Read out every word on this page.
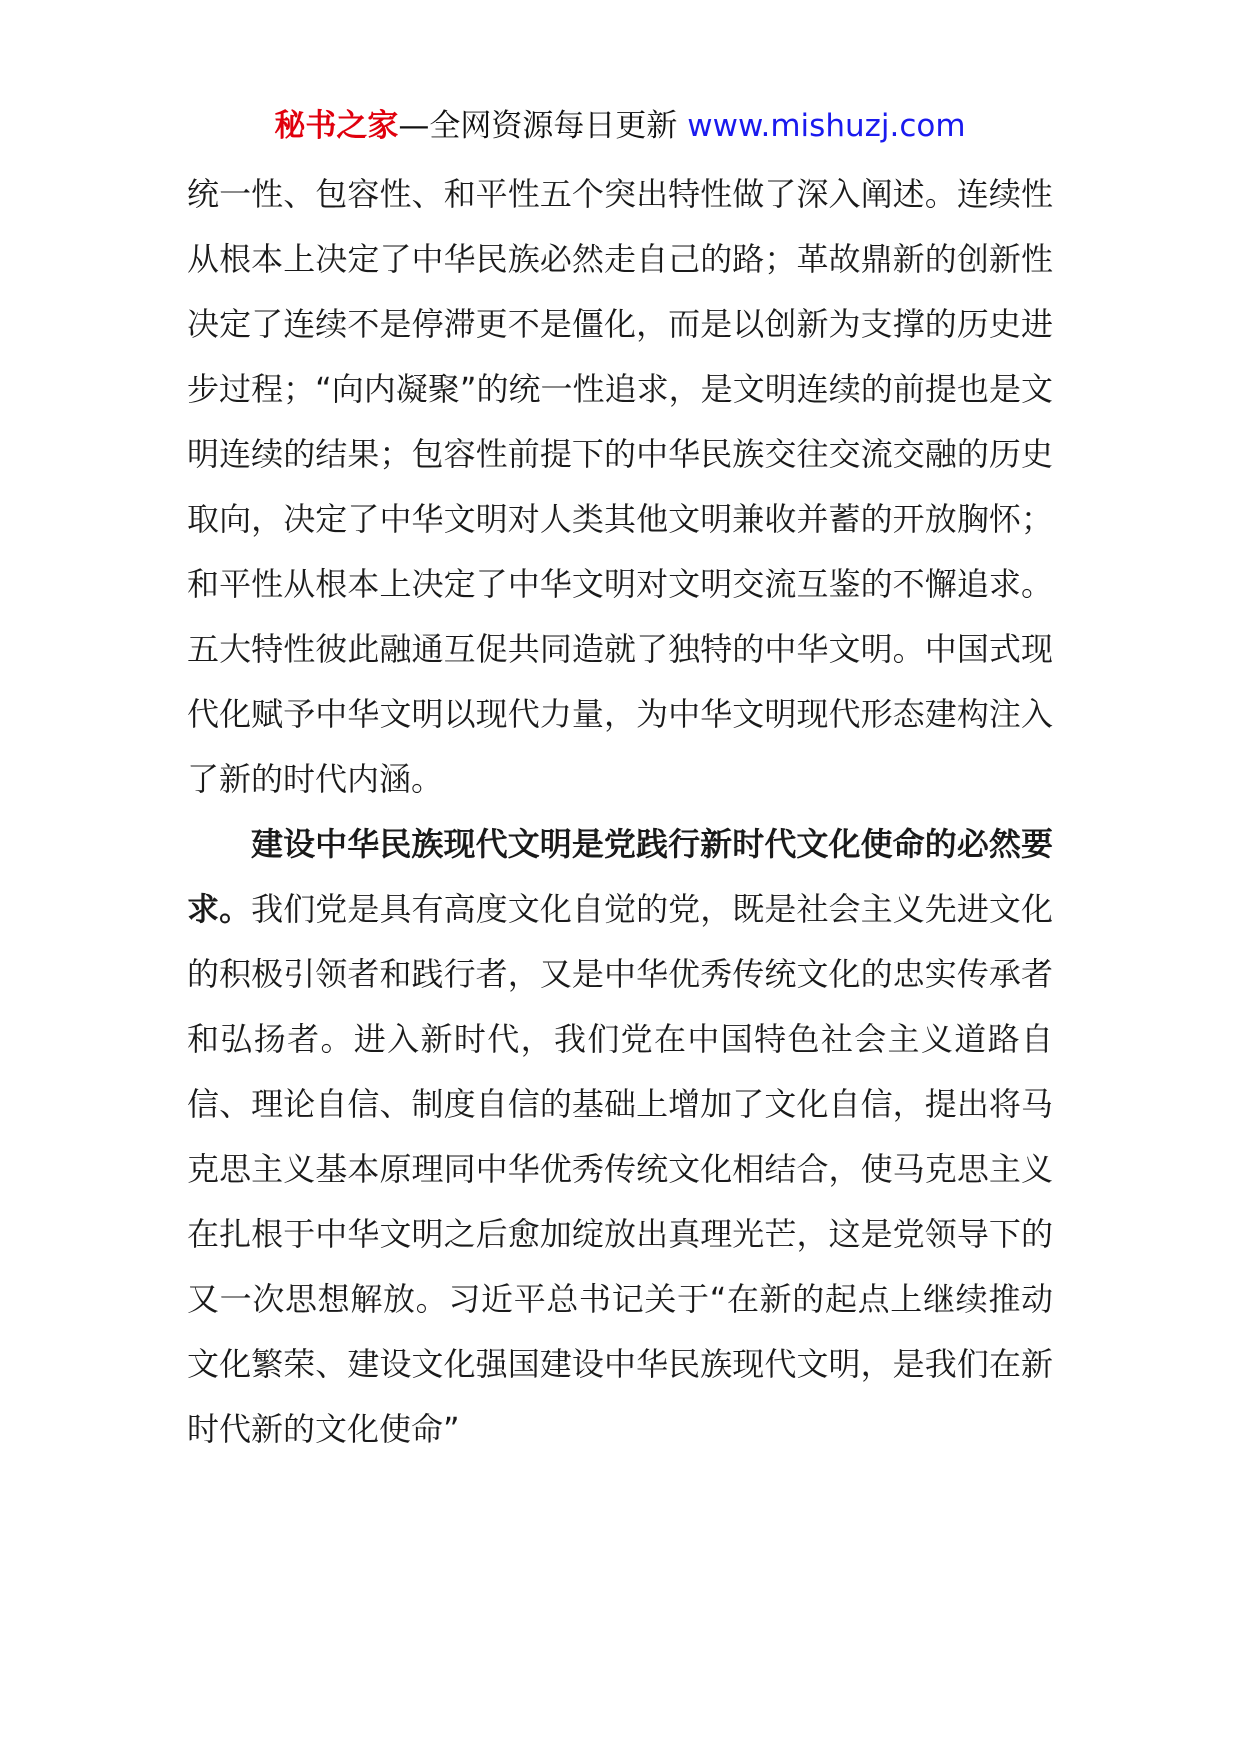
秘书之家—全网资源每日更新 www.mishuzj.com

统一性、包容性、和平性五个突出特性做了深入阐述。连续性从根本上决定了中华民族必然走自己的路；革故鼎新的创新性决定了连续不是停滞更不是僵化，而是以创新为支撑的历史进步过程；“向内凝聚”的统一性追求，是文明连续的前提也是文明连续的结果；包容性前提下的中华民族交往交流交融的历史取向，决定了中华文明对人类其他文明兼收并蓄的开放胸怀；和平性从根本上决定了中华文明对文明交流互鉴的不懈追求。五大特性彼此融通互促共同造就了独特的中华文明。中国式现代化赋予中华文明以现代力量，为中华文明现代形态建构注入了新的时代内涵。

建设中华民族现代文明是党践行新时代文化使命的必然要求。我们党是具有高度文化自觉的党，既是社会主义先进文化的积极引领者和践行者，又是中华优秀传统文化的忠实传承者和弘扬者。进入新时代，我们党在中国特色社会主义道路自信、理论自信、制度自信的基础上增加了文化自信，提出将马克思主义基本原理同中华优秀传统文化相结合，使马克思主义在扎根于中华文明之后愈加绽放出真理光芒，这是党领导下的又一次思想解放。习近平总书记关于“在新的起点上继续推动文化繁荣、建设文化强国建设中华民族现代文明，是我们在新时代新的文化使命”
